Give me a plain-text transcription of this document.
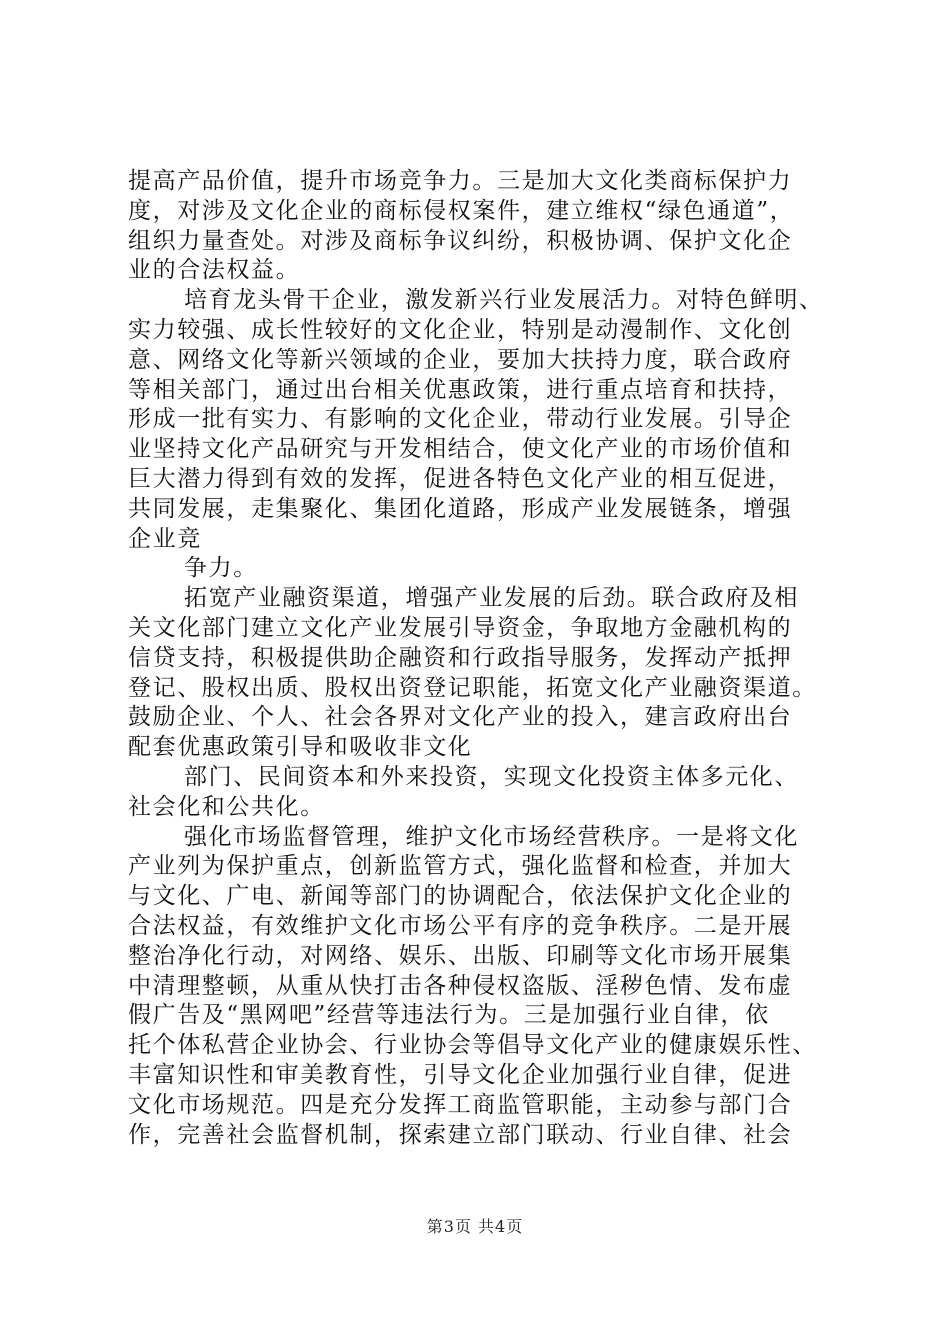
提高产品价值，提升市场竞争力。三是加大文化类商标保护力
度，对涉及文化企业的商标侵权案件，建立维权“绿色通道”，
组织力量查处。对涉及商标争议纠纷，积极协调、保护文化企
业的合法权益。
培育龙头骨干企业，激发新兴行业发展活力。对特色鲜明、
实力较强、成长性较好的文化企业，特别是动漫制作、文化创
意、网络文化等新兴领域的企业，要加大扶持力度，联合政府
等相关部门，通过出台相关优惠政策，进行重点培育和扶持，
形成一批有实力、有影响的文化企业，带动行业发展。引导企
业坚持文化产品研究与开发相结合，使文化产业的市场价值和
巨大潜力得到有效的发挥，促进各特色文化产业的相互促进，
共同发展，走集聚化、集团化道路，形成产业发展链条，增强
企业竞
争力。
拓宽产业融资渠道，增强产业发展的后劲。联合政府及相
关文化部门建立文化产业发展引导资金，争取地方金融机构的
信贷支持，积极提供助企融资和行政指导服务，发挥动产抵押
登记、股权出质、股权出资登记职能，拓宽文化产业融资渠道。
鼓励企业、个人、社会各界对文化产业的投入，建言政府出台
配套优惠政策引导和吸收非文化
部门、民间资本和外来投资，实现文化投资主体多元化、
社会化和公共化。
强化市场监督管理，维护文化市场经营秩序。一是将文化
产业列为保护重点，创新监管方式，强化监督和检查，并加大
与文化、广电、新闻等部门的协调配合，依法保护文化企业的
合法权益，有效维护文化市场公平有序的竞争秩序。二是开展
整治净化行动，对网络、娱乐、出版、印刷等文化市场开展集
中清理整顿，从重从快打击各种侵权盗版、淫秽色情、发布虚
假广告及“黑网吧”经营等违法行为。三是加强行业自律，依
托个体私营企业协会、行业协会等倡导文化产业的健康娱乐性、
丰富知识性和审美教育性，引导文化企业加强行业自律，促进
文化市场规范。四是充分发挥工商监管职能，主动参与部门合
作，完善社会监督机制，探索建立部门联动、行业自律、社会
第3页 共4页
